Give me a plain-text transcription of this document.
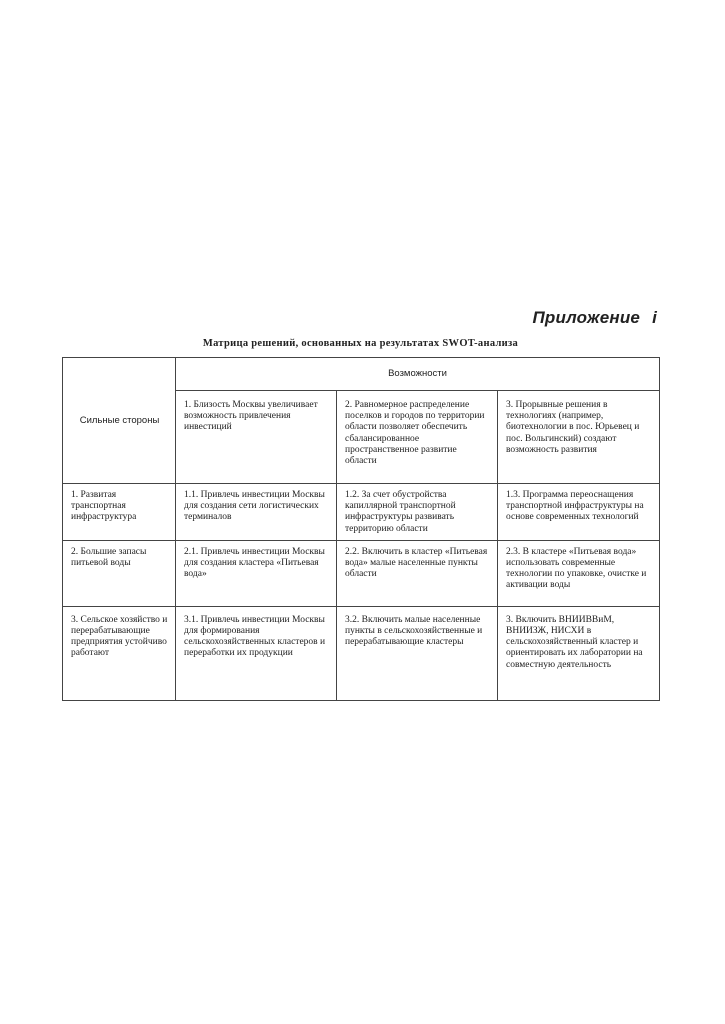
Приложение i
Матрица решений, основанных на результатах SWOT-анализа
Сильные стороны	Возможности		
	1. Близость Москвы увеличивает возможность привлечения инвестиций	2. Равномерное распределение поселков и городов по территории области позволяет обеспечить сбалансированное пространственное развитие области	3. Прорывные решения в технологиях (например, биотехнологии в пос. Юрьевец и пос. Вольгинский) создают возможность развития
1. Развитая транспортная инфраструктура	1.1. Привлечь инвестиции Москвы для создания сети логистических терминалов	1.2. За счет обустройства капиллярной транспортной инфраструктуры развивать территорию области	1.3. Программа переоснащения транспортной инфраструктуры на основе современных технологий
2. Большие запасы питьевой воды	2.1. Привлечь инвестиции Москвы для создания кластера «Питьевая вода»	2.2. Включить в кластер «Питьевая вода» малые населенные пункты области	2.3. В кластере «Питьевая вода» использовать современные технологии по упаковке, очистке и активации воды
3. Сельское хозяйство и перерабатывающие предприятия устойчиво работают	3.1. Привлечь инвестиции Москвы для формирования сельскохозяйственных кластеров и переработки их продукции	3.2. Включить малые населенные пункты в сельскохозяйственные и перерабатывающие кластеры	3. Включить ВНИИВВиМ, ВНИИЗЖ, НИСХИ в сельскохозяйственный кластер и ориентировать их лаборатории на совместную деятельность
